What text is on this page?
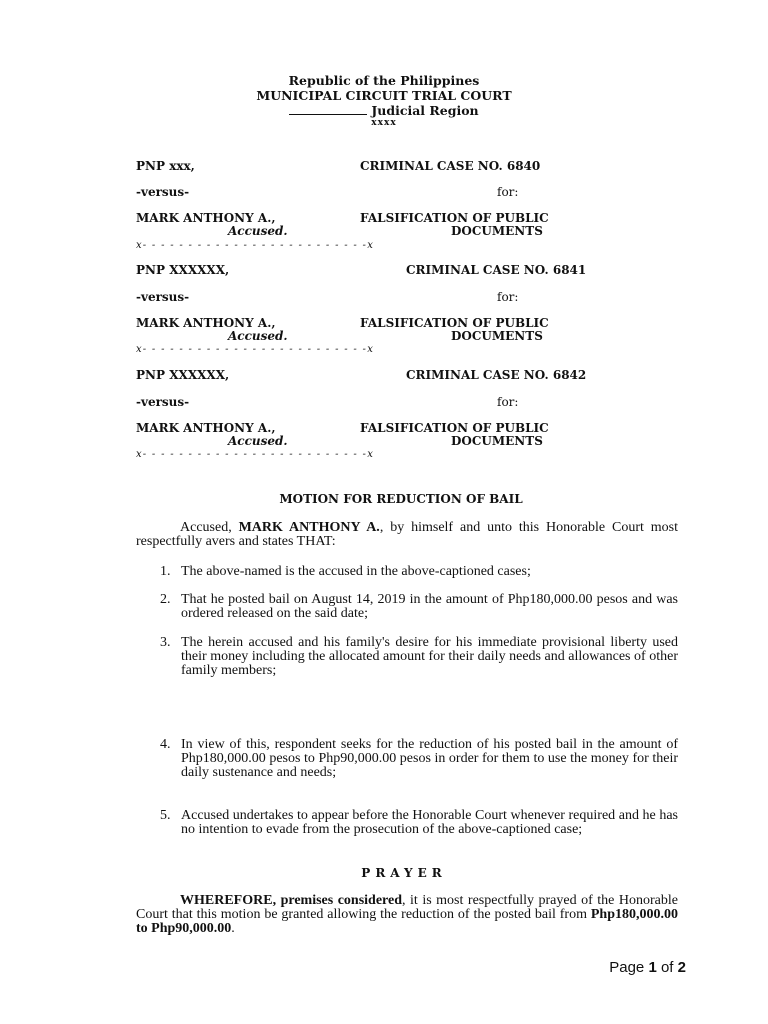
Republic of the Philippines
MUNICIPAL CIRCUIT TRIAL COURT
Judicial Region
xxxx
PNP xxx,	CRIMINAL CASE NO. 6840
-versus-	for:
MARK ANTHONY A.,	FALSIFICATION OF PUBLIC
Accused.	DOCUMENTS
x- - - - - - - - - - - - - - - - - - - - - - - - -x
PNP XXXXXX,	CRIMINAL CASE NO. 6841
-versus-	for:
MARK ANTHONY A.,	FALSIFICATION OF PUBLIC
Accused.	DOCUMENTS
x- - - - - - - - - - - - - - - - - - - - - - - - -x
PNP XXXXXX,	CRIMINAL CASE NO. 6842
-versus-	for:
MARK ANTHONY A.,	FALSIFICATION OF PUBLIC
Accused.	DOCUMENTS
x- - - - - - - - - - - - - - - - - - - - - - - - -x
MOTION FOR REDUCTION OF BAIL

Accused, MARK ANTHONY A., by himself and unto this Honorable Court most respectfully avers and states THAT:

1. The above-named is the accused in the above-captioned cases;

2. That he posted bail on August 14, 2019 in the amount of Php180,000.00 pesos and was ordered released on the said date;

3. The herein accused and his family's desire for his immediate provisional liberty used their money including the allocated amount for their daily needs and allowances of other family members;

4. In view of this, respondent seeks for the reduction of his posted bail in the amount of Php180,000.00 pesos to Php90,000.00 pesos in order for them to use the money for their daily sustenance and needs;

5. Accused undertakes to appear before the Honorable Court whenever required and he has no intention to evade from the prosecution of the above-captioned case;

PRAYER

WHEREFORE, premises considered, it is most respectfully prayed of the Honorable Court that this motion be granted allowing the reduction of the posted bail from Php180,000.00 to Php90,000.00.

Page 1 of 2
